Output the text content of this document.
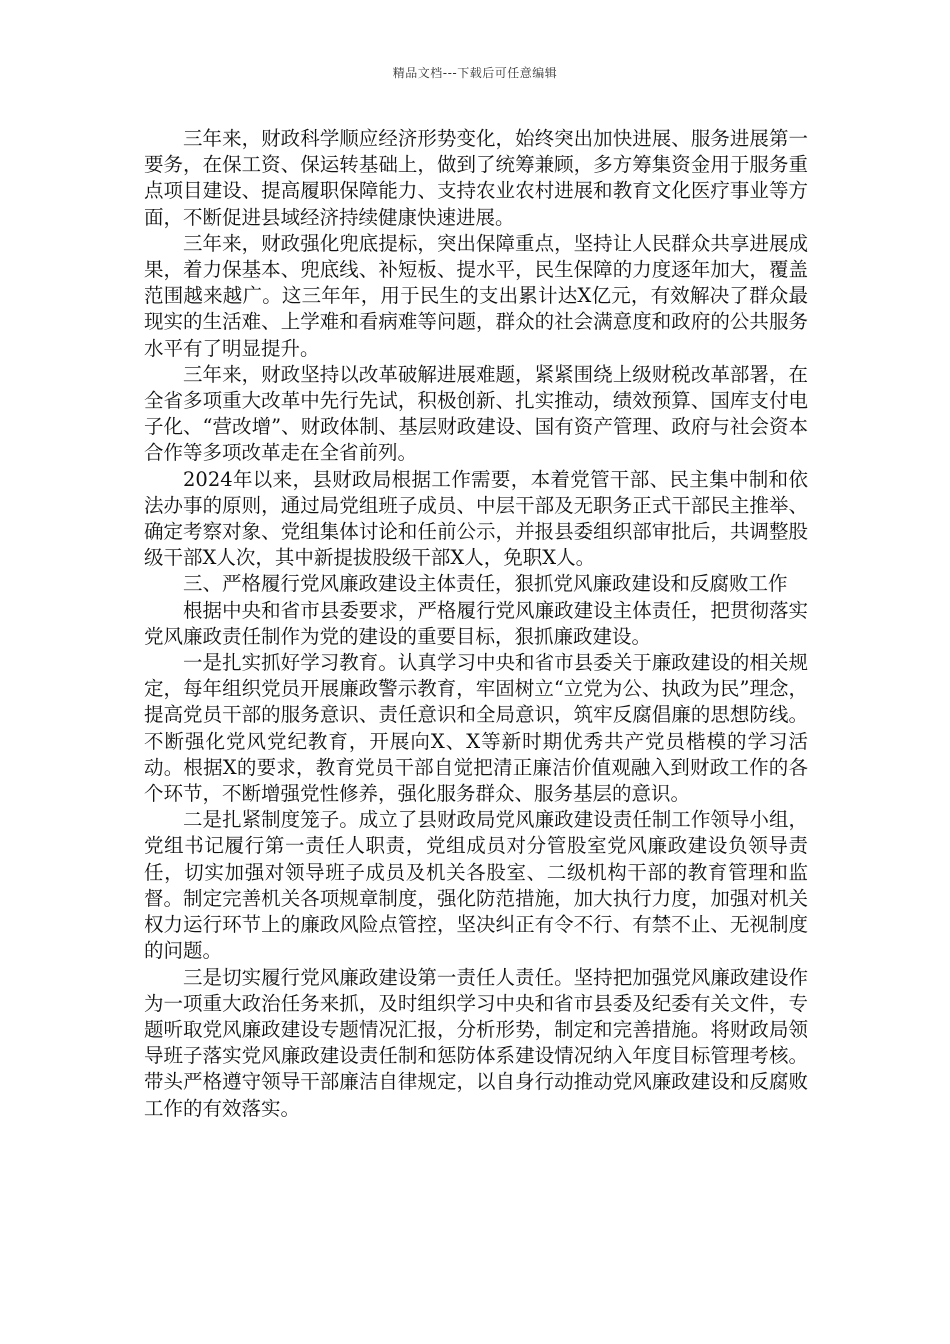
精品文档---下载后可任意编辑

三年来，财政科学顺应经济形势变化，始终突出加快进展、服务进展第一要务，在保工资、保运转基础上，做到了统筹兼顾，多方筹集资金用于服务重点项目建设、提高履职保障能力、支持农业农村进展和教育文化医疗事业等方面，不断促进县域经济持续健康快速进展。

三年来，财政强化兜底提标，突出保障重点，坚持让人民群众共享进展成果，着力保基本、兜底线、补短板、提水平，民生保障的力度逐年加大，覆盖范围越来越广。这三年年，用于民生的支出累计达X亿元，有效解决了群众最现实的生活难、上学难和看病难等问题，群众的社会满意度和政府的公共服务水平有了明显提升。

三年来，财政坚持以改革破解进展难题，紧紧围绕上级财税改革部署，在全省多项重大改革中先行先试，积极创新、扎实推动，绩效预算、国库支付电子化、“营改增”、财政体制、基层财政建设、国有资产管理、政府与社会资本合作等多项改革走在全省前列。

2024年以来，县财政局根据工作需要，本着党管干部、民主集中制和依法办事的原则，通过局党组班子成员、中层干部及无职务正式干部民主推举、确定考察对象、党组集体讨论和任前公示，并报县委组织部审批后，共调整股级干部X人次，其中新提拔股级干部X人，免职X人。

三、严格履行党风廉政建设主体责任，狠抓党风廉政建设和反腐败工作

根据中央和省市县委要求，严格履行党风廉政建设主体责任，把贯彻落实党风廉政责任制作为党的建设的重要目标，狠抓廉政建设。

一是扎实抓好学习教育。认真学习中央和省市县委关于廉政建设的相关规定，每年组织党员开展廉政警示教育，牢固树立“立党为公、执政为民”理念，提高党员干部的服务意识、责任意识和全局意识，筑牢反腐倡廉的思想防线。不断强化党风党纪教育，开展向X、X等新时期优秀共产党员楷模的学习活动。根据X的要求，教育党员干部自觉把清正廉洁价值观融入到财政工作的各个环节，不断增强党性修养，强化服务群众、服务基层的意识。

二是扎紧制度笼子。成立了县财政局党风廉政建设责任制工作领导小组，党组书记履行第一责任人职责，党组成员对分管股室党风廉政建设负领导责任，切实加强对领导班子成员及机关各股室、二级机构干部的教育管理和监督。制定完善机关各项规章制度，强化防范措施，加大执行力度，加强对机关权力运行环节上的廉政风险点管控，坚决纠正有令不行、有禁不止、无视制度的问题。

三是切实履行党风廉政建设第一责任人责任。坚持把加强党风廉政建设作为一项重大政治任务来抓，及时组织学习中央和省市县委及纪委有关文件，专题听取党风廉政建设专题情况汇报，分析形势，制定和完善措施。将财政局领导班子落实党风廉政建设责任制和惩防体系建设情况纳入年度目标管理考核。带头严格遵守领导干部廉洁自律规定，以自身行动推动党风廉政建设和反腐败工作的有效落实。
